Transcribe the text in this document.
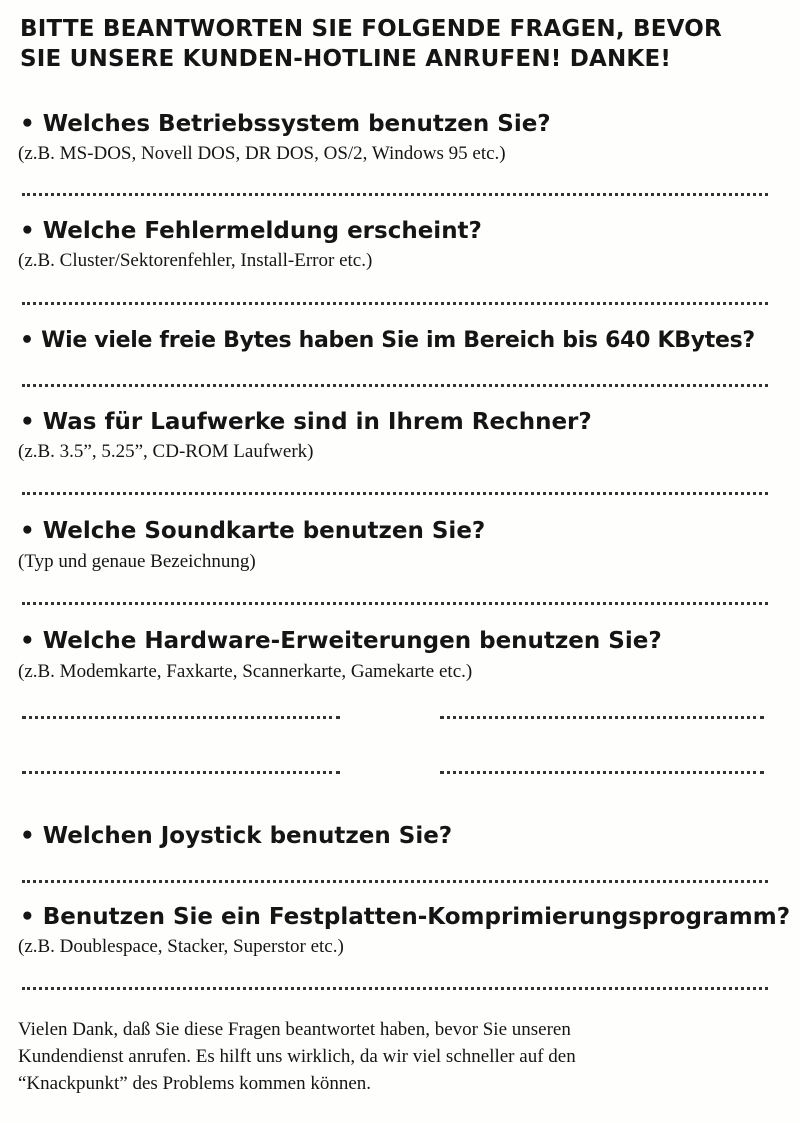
BITTE BEANTWORTEN SIE FOLGENDE FRAGEN, BEVOR
SIE UNSERE KUNDEN-HOTLINE ANRUFEN! DANKE!

• Welches Betriebssystem benutzen Sie?

(z.B. MS-DOS, Novell DOS, DR DOS, OS/2, Windows 95 etc.)

• Welche Fehlermeldung erscheint?

(z.B. Cluster/Sektorenfehler, Install-Error etc.)

• Wie viele freie Bytes haben Sie im Bereich bis 640 KBytes?

• Was für Laufwerke sind in Ihrem Rechner?

(z.B. 3.5”, 5.25”, CD-ROM Laufwerk)

• Welche Soundkarte benutzen Sie?

(Typ und genaue Bezeichnung)

• Welche Hardware-Erweiterungen benutzen Sie?

(z.B. Modemkarte, Faxkarte, Scannerkarte, Gamekarte etc.)

• Welchen Joystick benutzen Sie?

• Benutzen Sie ein Festplatten-Komprimierungsprogramm?

(z.B. Doublespace, Stacker, Superstor etc.)

Vielen Dank, daß Sie diese Fragen beantwortet haben, bevor Sie unseren
Kundendienst anrufen. Es hilft uns wirklich, da wir viel schneller auf den
“Knackpunkt” des Problems kommen können.
